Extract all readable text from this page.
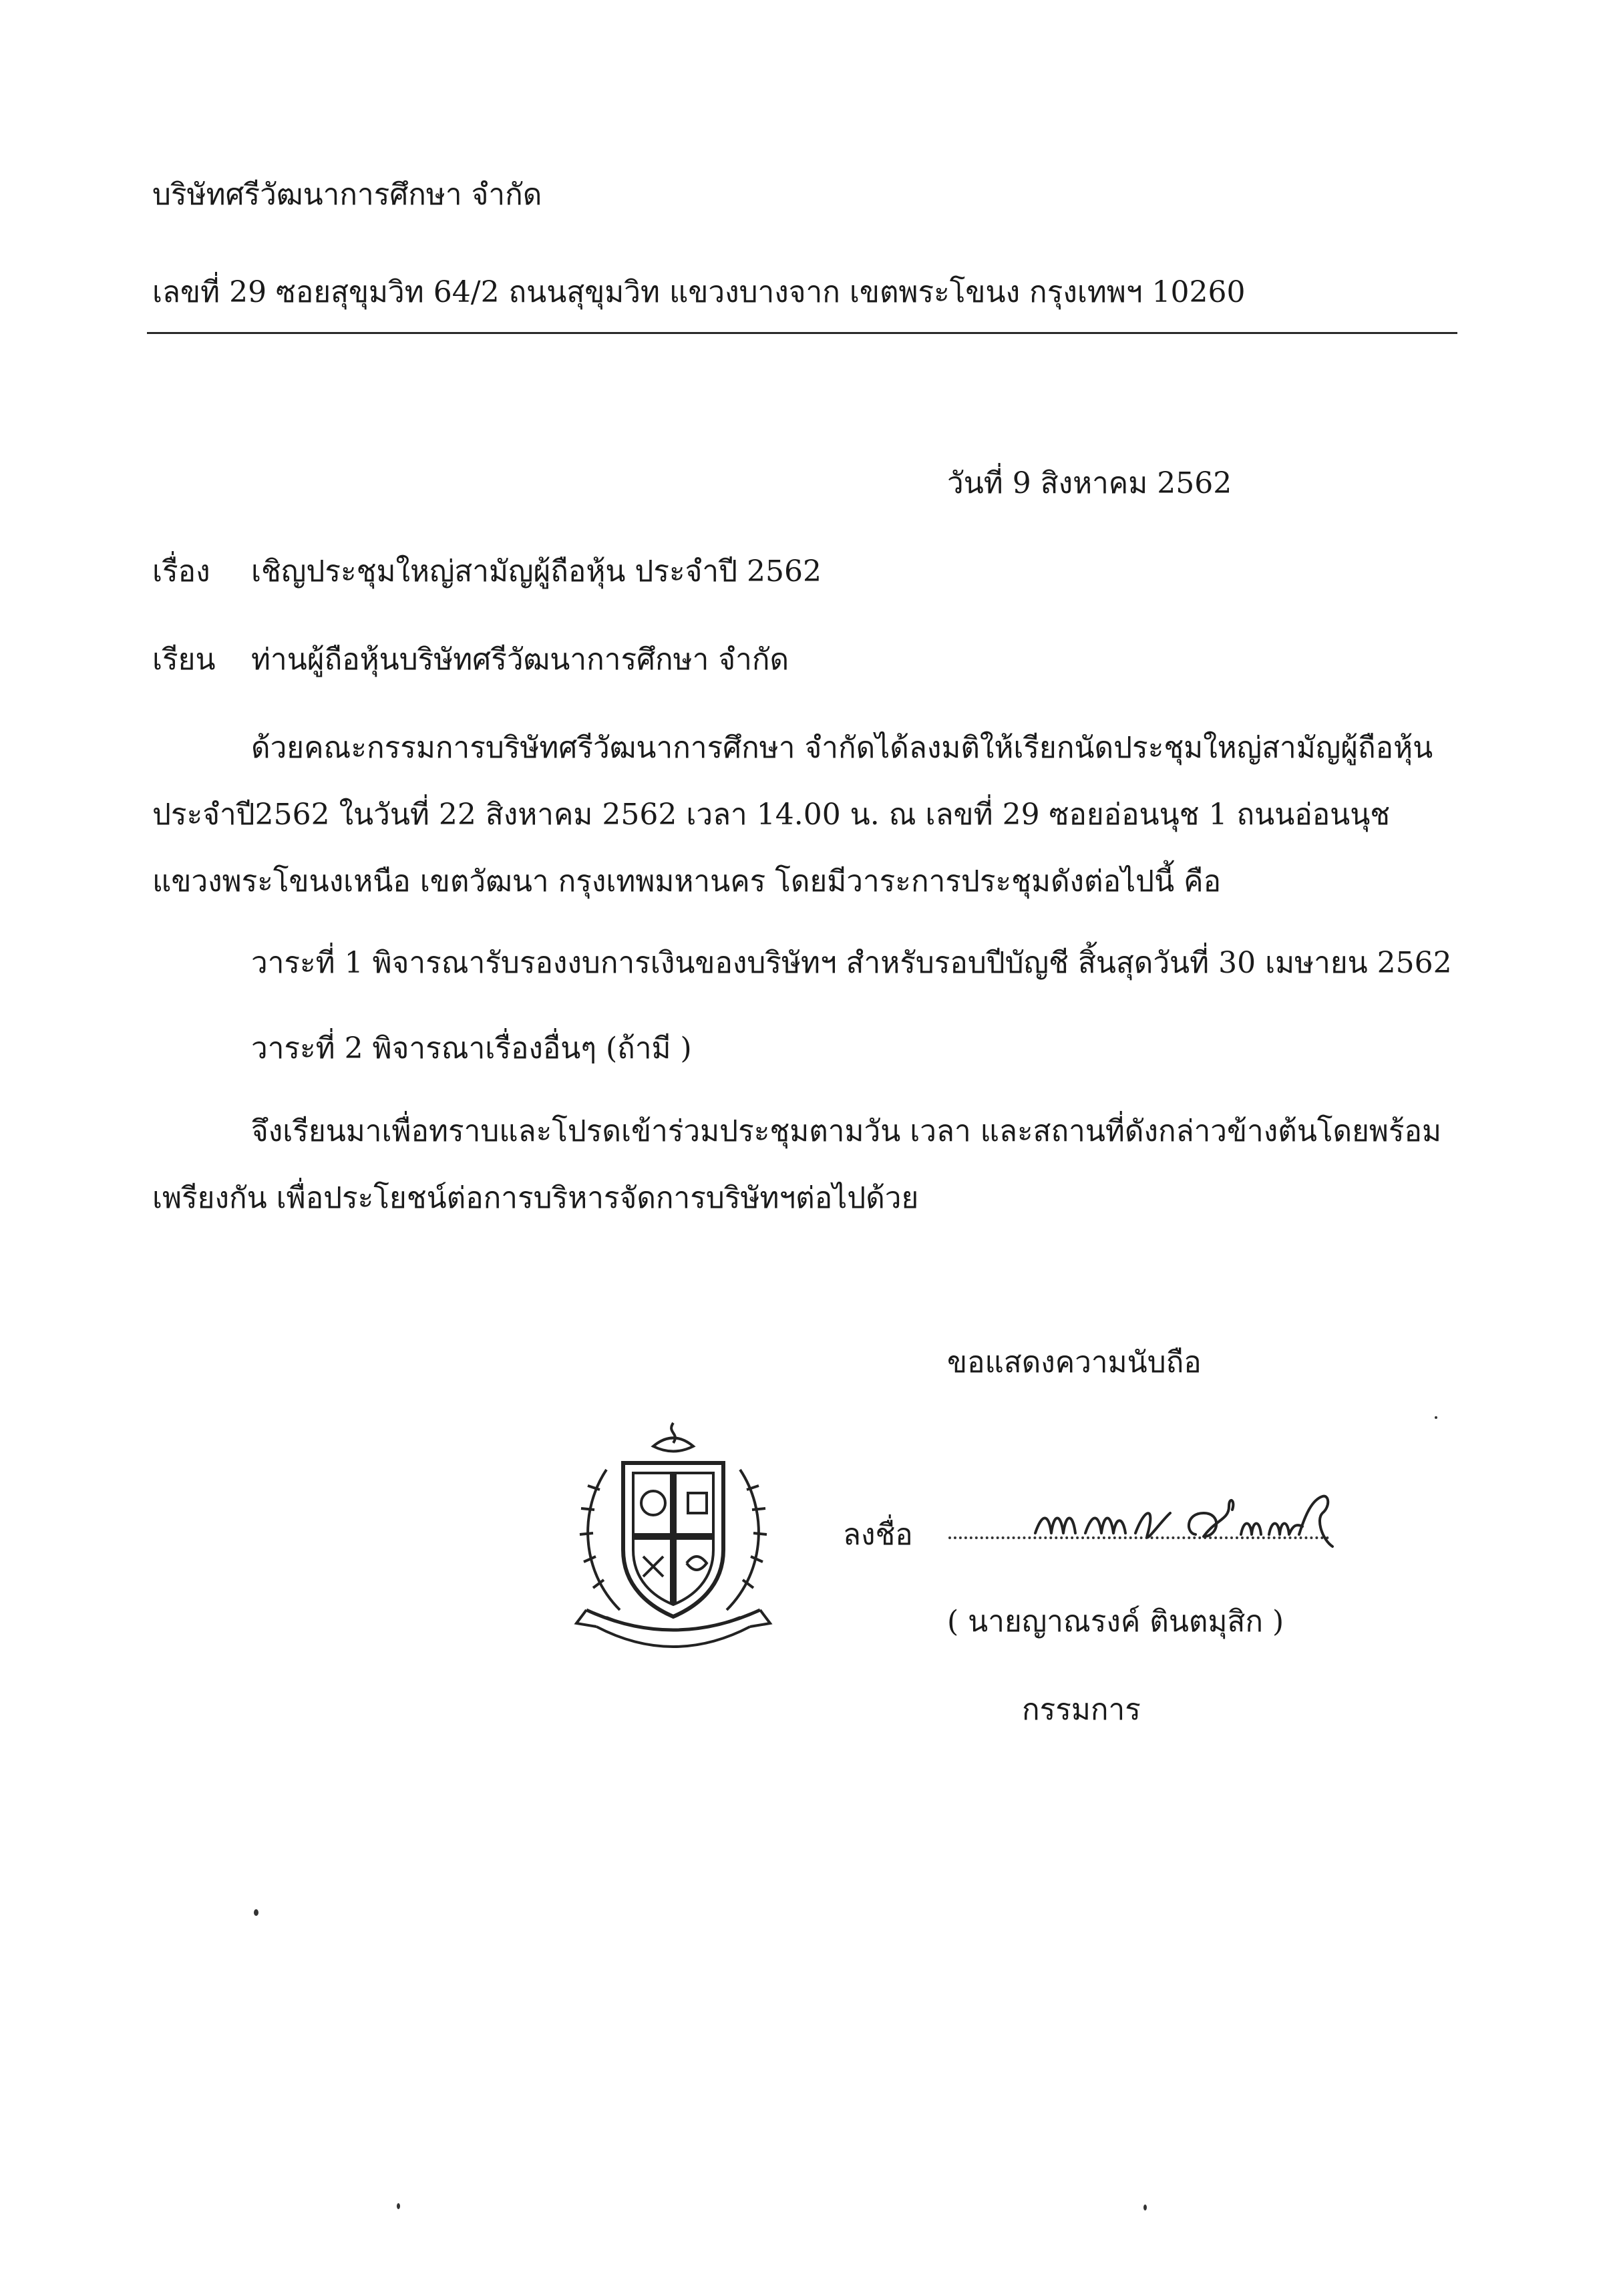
บริษัทศรีวัฒนาการศึกษา จำกัด
เลขที่ 29 ซอยสุขุมวิท 64/2 ถนนสุขุมวิท แขวงบางจาก เขตพระโขนง กรุงเทพฯ 10260
วันที่ 9 สิงหาคม 2562
เรื่อง เชิญประชุมใหญ่สามัญผู้ถือหุ้น ประจำปี 2562
เรียน ท่านผู้ถือหุ้นบริษัทศรีวัฒนาการศึกษา จำกัด
ด้วยคณะกรรมการบริษัทศรีวัฒนาการศึกษา จำกัดได้ลงมติให้เรียกนัดประชุมใหญ่สามัญผู้ถือหุ้น
ประจำปี2562 ในวันที่ 22 สิงหาคม 2562 เวลา 14.00 น. ณ เลขที่ 29 ซอยอ่อนนุช 1 ถนนอ่อนนุช
แขวงพระโขนงเหนือ เขตวัฒนา กรุงเทพมหานคร โดยมีวาระการประชุมดังต่อไปนี้ คือ
วาระที่ 1 พิจารณารับรองงบการเงินของบริษัทฯ สำหรับรอบปีบัญชี สิ้นสุดวันที่ 30 เมษายน 2562
วาระที่ 2 พิจารณาเรื่องอื่นๆ (ถ้ามี )
จึงเรียนมาเพื่อทราบและโปรดเข้าร่วมประชุมตามวัน เวลา และสถานที่ดังกล่าวข้างต้นโดยพร้อม
เพรียงกัน เพื่อประโยชน์ต่อการบริหารจัดการบริษัทฯต่อไปด้วย
ขอแสดงความนับถือ
ลงชื่อ
( นายญาณรงค์ ตินตมุสิก )
กรรมการ
